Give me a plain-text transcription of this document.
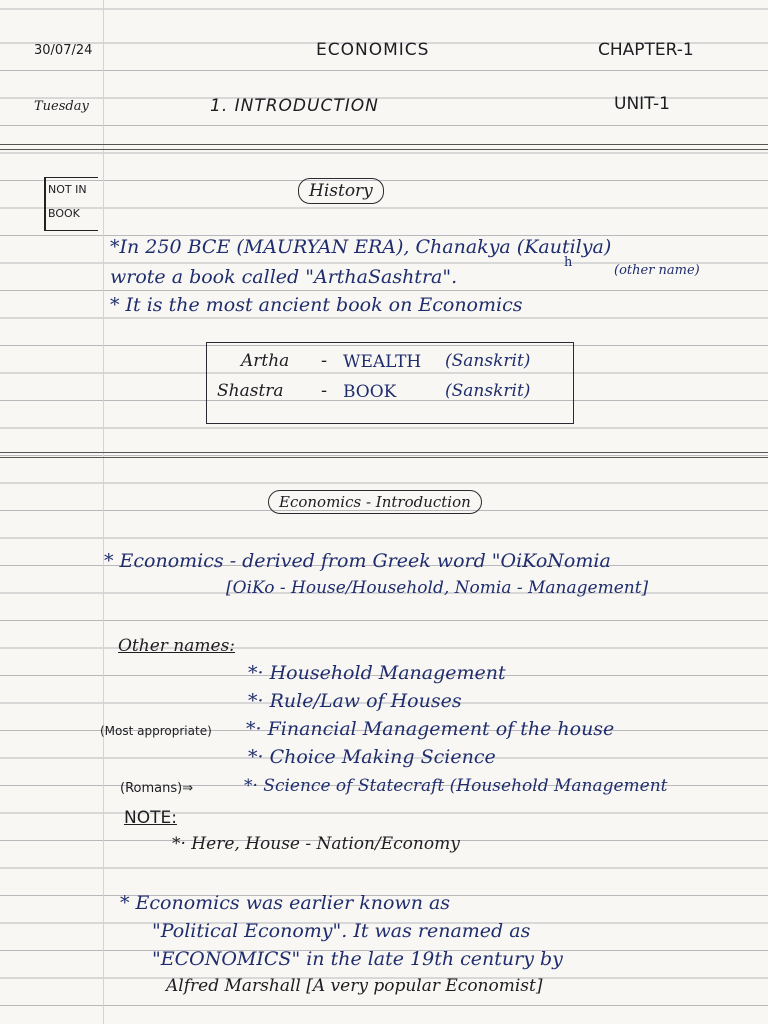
30/07/24	ECONOMICS	CHAPTER-1
Tuesday	1. INTRODUCTION	UNIT-1
NOT IN
BOOK
History
*In 250 BCE (MAURYAN ERA), Chanakya (Kautilya)
h
wrote a book called "ArthaSashtra".	(other name)
* It is the most ancient book on Economics
Artha - WEALTH (Sanskrit)
Shastra - BOOK	(Sanskrit)
Economics - Introduction
* Economics - derived from Greek word "OiKoNomia
[OiKo - House/Household, Nomia - Management]
Other names:
*· Household Management
*· Rule/Law of Houses
(Most appropriate) *· Financial Management of the house
*· Choice Making Science
(Romans)⇒	*· Science of Statecraft (Household Management
NOTE:
*· Here, House - Nation/Economy
* Economics was earlier known as
"Political Economy". It was renamed as
"ECONOMICS" in the late 19th century by
Alfred Marshall [A very popular Economist]
